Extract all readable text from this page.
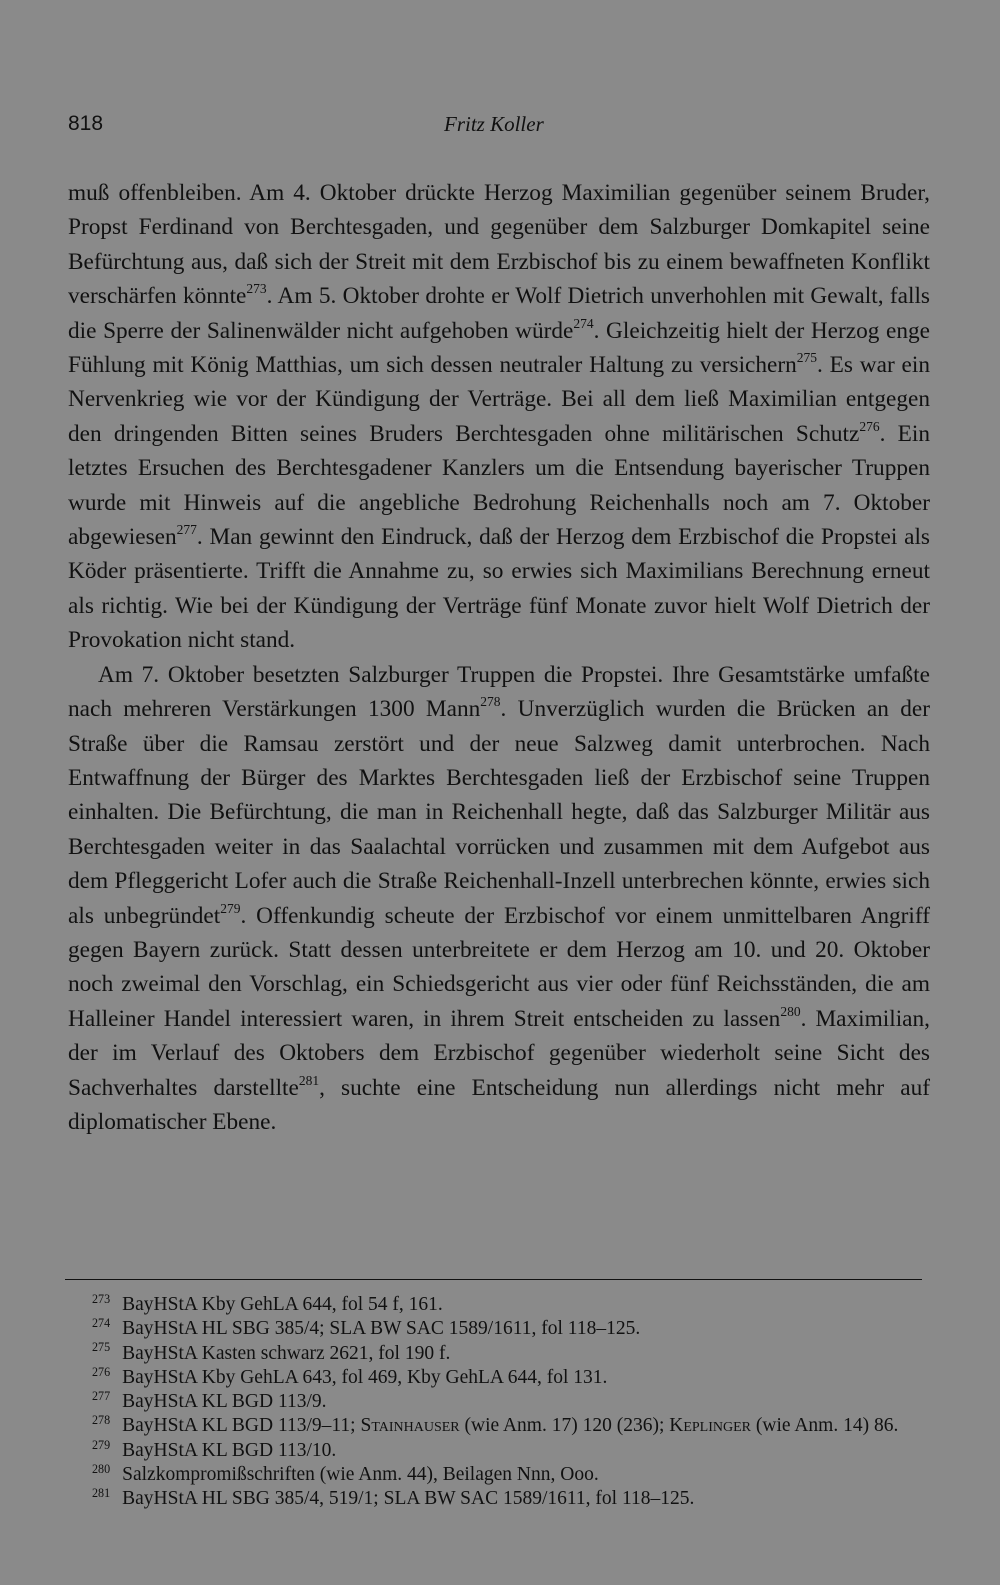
818	Fritz Koller

muß offenbleiben. Am 4. Oktober drückte Herzog Maximilian gegenüber seinem Bruder, Propst Ferdinand von Berchtesgaden, und gegenüber dem Salzburger Domkapitel seine Befürchtung aus, daß sich der Streit mit dem Erzbischof bis zu einem bewaffneten Konflikt verschärfen könnte$^{273}$. Am 5. Oktober drohte er Wolf Dietrich unverhohlen mit Gewalt, falls die Sperre der Salinenwälder nicht aufgehoben würde$^{274}$. Gleichzeitig hielt der Herzog enge Fühlung mit König Matthias, um sich dessen neutraler Haltung zu versichern$^{275}$. Es war ein Nervenkrieg wie vor der Kündigung der Verträge. Bei all dem ließ Maximilian entgegen den dringenden Bitten seines Bruders Berchtesgaden ohne militärischen Schutz$^{276}$. Ein letztes Ersuchen des Berchtesgadener Kanzlers um die Entsendung bayerischer Truppen wurde mit Hinweis auf die angebliche Bedrohung Reichenhalls noch am 7. Oktober abgewiesen$^{277}$. Man gewinnt den Eindruck, daß der Herzog dem Erzbischof die Propstei als Köder präsentierte. Trifft die Annahme zu, so erwies sich Maximilians Berechnung erneut als richtig. Wie bei der Kündigung der Verträge fünf Monate zuvor hielt Wolf Dietrich der Provokation nicht stand.

Am 7. Oktober besetzten Salzburger Truppen die Propstei. Ihre Gesamtstärke umfaßte nach mehreren Verstärkungen 1300 Mann$^{278}$. Unverzüglich wurden die Brücken an der Straße über die Ramsau zerstört und der neue Salzweg damit unterbrochen. Nach Entwaffnung der Bürger des Marktes Berchtesgaden ließ der Erzbischof seine Truppen einhalten. Die Befürchtung, die man in Reichenhall hegte, daß das Salzburger Militär aus Berchtesgaden weiter in das Saalachtal vorrücken und zusammen mit dem Aufgebot aus dem Pfleggericht Lofer auch die Straße Reichenhall-Inzell unterbrechen könnte, erwies sich als unbegründet$^{279}$. Offenkundig scheute der Erzbischof vor einem unmittelbaren Angriff gegen Bayern zurück. Statt dessen unterbreitete er dem Herzog am 10. und 20. Oktober noch zweimal den Vorschlag, ein Schiedsgericht aus vier oder fünf Reichsständen, die am Halleiner Handel interessiert waren, in ihrem Streit entscheiden zu lassen$^{280}$. Maximilian, der im Verlauf des Oktobers dem Erzbischof gegenüber wiederholt seine Sicht des Sachverhaltes darstellte$^{281}$, suchte eine Entscheidung nun allerdings nicht mehr auf diplomatischer Ebene.

$^{273}$ BayHStA Kby GehLA 644, fol 54 f, 161.
$^{274}$ BayHStA HL SBG 385/4; SLA BW SAC 1589/1611, fol 118–125.
$^{275}$ BayHStA Kasten schwarz 2621, fol 190 f.
$^{276}$ BayHStA Kby GehLA 643, fol 469, Kby GehLA 644, fol 131.
$^{277}$ BayHStA KL BGD 113/9.
$^{278}$ BayHStA KL BGD 113/9–11; Stainhauser (wie Anm. 17) 120 (236); Keplinger (wie Anm. 14) 86.
$^{279}$ BayHStA KL BGD 113/10.
$^{280}$ Salzkompromißschriften (wie Anm. 44), Beilagen Nnn, Ooo.
$^{281}$ BayHStA HL SBG 385/4, 519/1; SLA BW SAC 1589/1611, fol 118–125.
